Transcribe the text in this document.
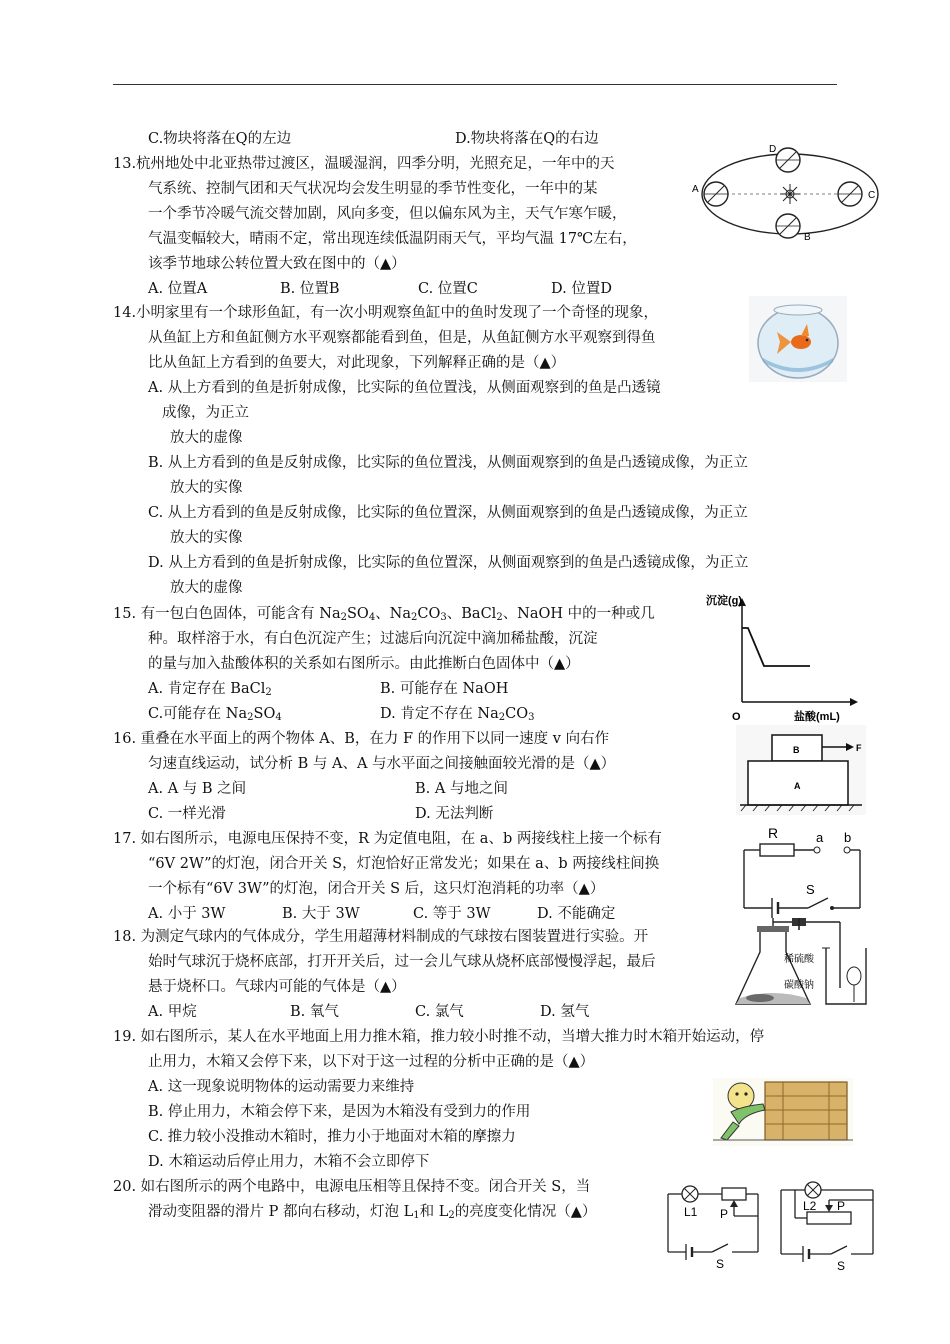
C.物块将落在Q的左边	D.物块将落在Q的右边
13.杭州地处中北亚热带过渡区，温暖湿润，四季分明，光照充足，一年中的天
气系统、控制气团和天气状况均会发生明显的季节性变化，一年中的某
一个季节冷暖气流交替加剧，风向多变，但以偏东风为主，天气乍寒乍暖，
气温变幅较大，晴雨不定，常出现连续低温阴雨天气，平均气温 17℃左右，
该季节地球公转位置大致在图中的（▲）
A. 位置A	B. 位置B	C. 位置C	D. 位置D
D
A
C
B
14.小明家里有一个球形鱼缸，有一次小明观察鱼缸中的鱼时发现了一个奇怪的现象，
从鱼缸上方和鱼缸侧方水平观察都能看到鱼，但是，从鱼缸侧方水平观察到得鱼
比从鱼缸上方看到的鱼要大，对此现象，下列解释正确的是（▲）
A. 从上方看到的鱼是折射成像，比实际的鱼位置浅，从侧面观察到的鱼是凸透镜
成像，为正立
放大的虚像
B. 从上方看到的鱼是反射成像，比实际的鱼位置浅，从侧面观察到的鱼是凸透镜成像，为正立
放大的实像
C. 从上方看到的鱼是反射成像，比实际的鱼位置深，从侧面观察到的鱼是凸透镜成像，为正立
放大的实像
D. 从上方看到的鱼是折射成像，比实际的鱼位置深，从侧面观察到的鱼是凸透镜成像，为正立
放大的虚像
15. 有一包白色固体，可能含有 $Na_2SO_4$、$Na_2CO_3$、BaCl$_2$、NaOH 中的一种或几
种。取样溶于水，有白色沉淀产生；过滤后向沉淀中滴加稀盐酸，沉淀
的量与加入盐酸体积的关系如右图所示。由此推断白色固体中（▲）
A. 肯定存在 BaCl$_2$	B. 可能存在 NaOH
C.可能存在 $Na_2SO_4$	D. 肯定不存在 $Na_2CO_3$
沉淀(g)
盐酸(mL)
O
16. 重叠在水平面上的两个物体 A、B，在力 F 的作用下以同一速度 v 向右作
匀速直线运动，试分析 B 与 A、A 与水平面之间接触面较光滑的是（▲）
A. A 与 B 之间	B. A 与地之间
C. 一样光滑	D. 无法判断
B
A
F
17. 如右图所示，电源电压保持不变，R 为定值电阻，在 a、b 两接线柱上接一个标有
“6V 2W”的灯泡，闭合开关 S，灯泡恰好正常发光；如果在 a、b 两接线柱间换
一个标有“6V 3W”的灯泡，闭合开关 S 后，这只灯泡消耗的功率（▲）
A. 小于 3W	B. 大于 3W	C. 等于 3W	D. 不能确定
R	a b
S
18. 为测定气球内的气体成分，学生用超薄材料制成的气球按右图装置进行实验。开
始时气球沉于烧杯底部，打开开关后，过一会儿气球从烧杯底部慢慢浮起，最后
悬于烧杯口。气球内可能的气体是（▲）
A. 甲烷	B. 氧气	C. 氯气	D. 氢气
稀硫酸
碳酸钠
19. 如右图所示，某人在水平地面上用力推木箱，推力较小时推不动，当增大推力时木箱开始运动，停
止用力，木箱又会停下来，以下对于这一过程的分析中正确的是（▲）
A. 这一现象说明物体的运动需要力来维持
B. 停止用力，木箱会停下来，是因为木箱没有受到力的作用
C. 推力较小没推动木箱时，推力小于地面对木箱的摩擦力
D. 木箱运动后停止用力，木箱不会立即停下
20. 如右图所示的两个电路中，电源电压相等且保持不变。闭合开关 S，当
滑动变阻器的滑片 P 都向右移动，灯泡 $L_1$和 $L_2$的亮度变化情况（▲）	L1 P
S
L2 P
S
